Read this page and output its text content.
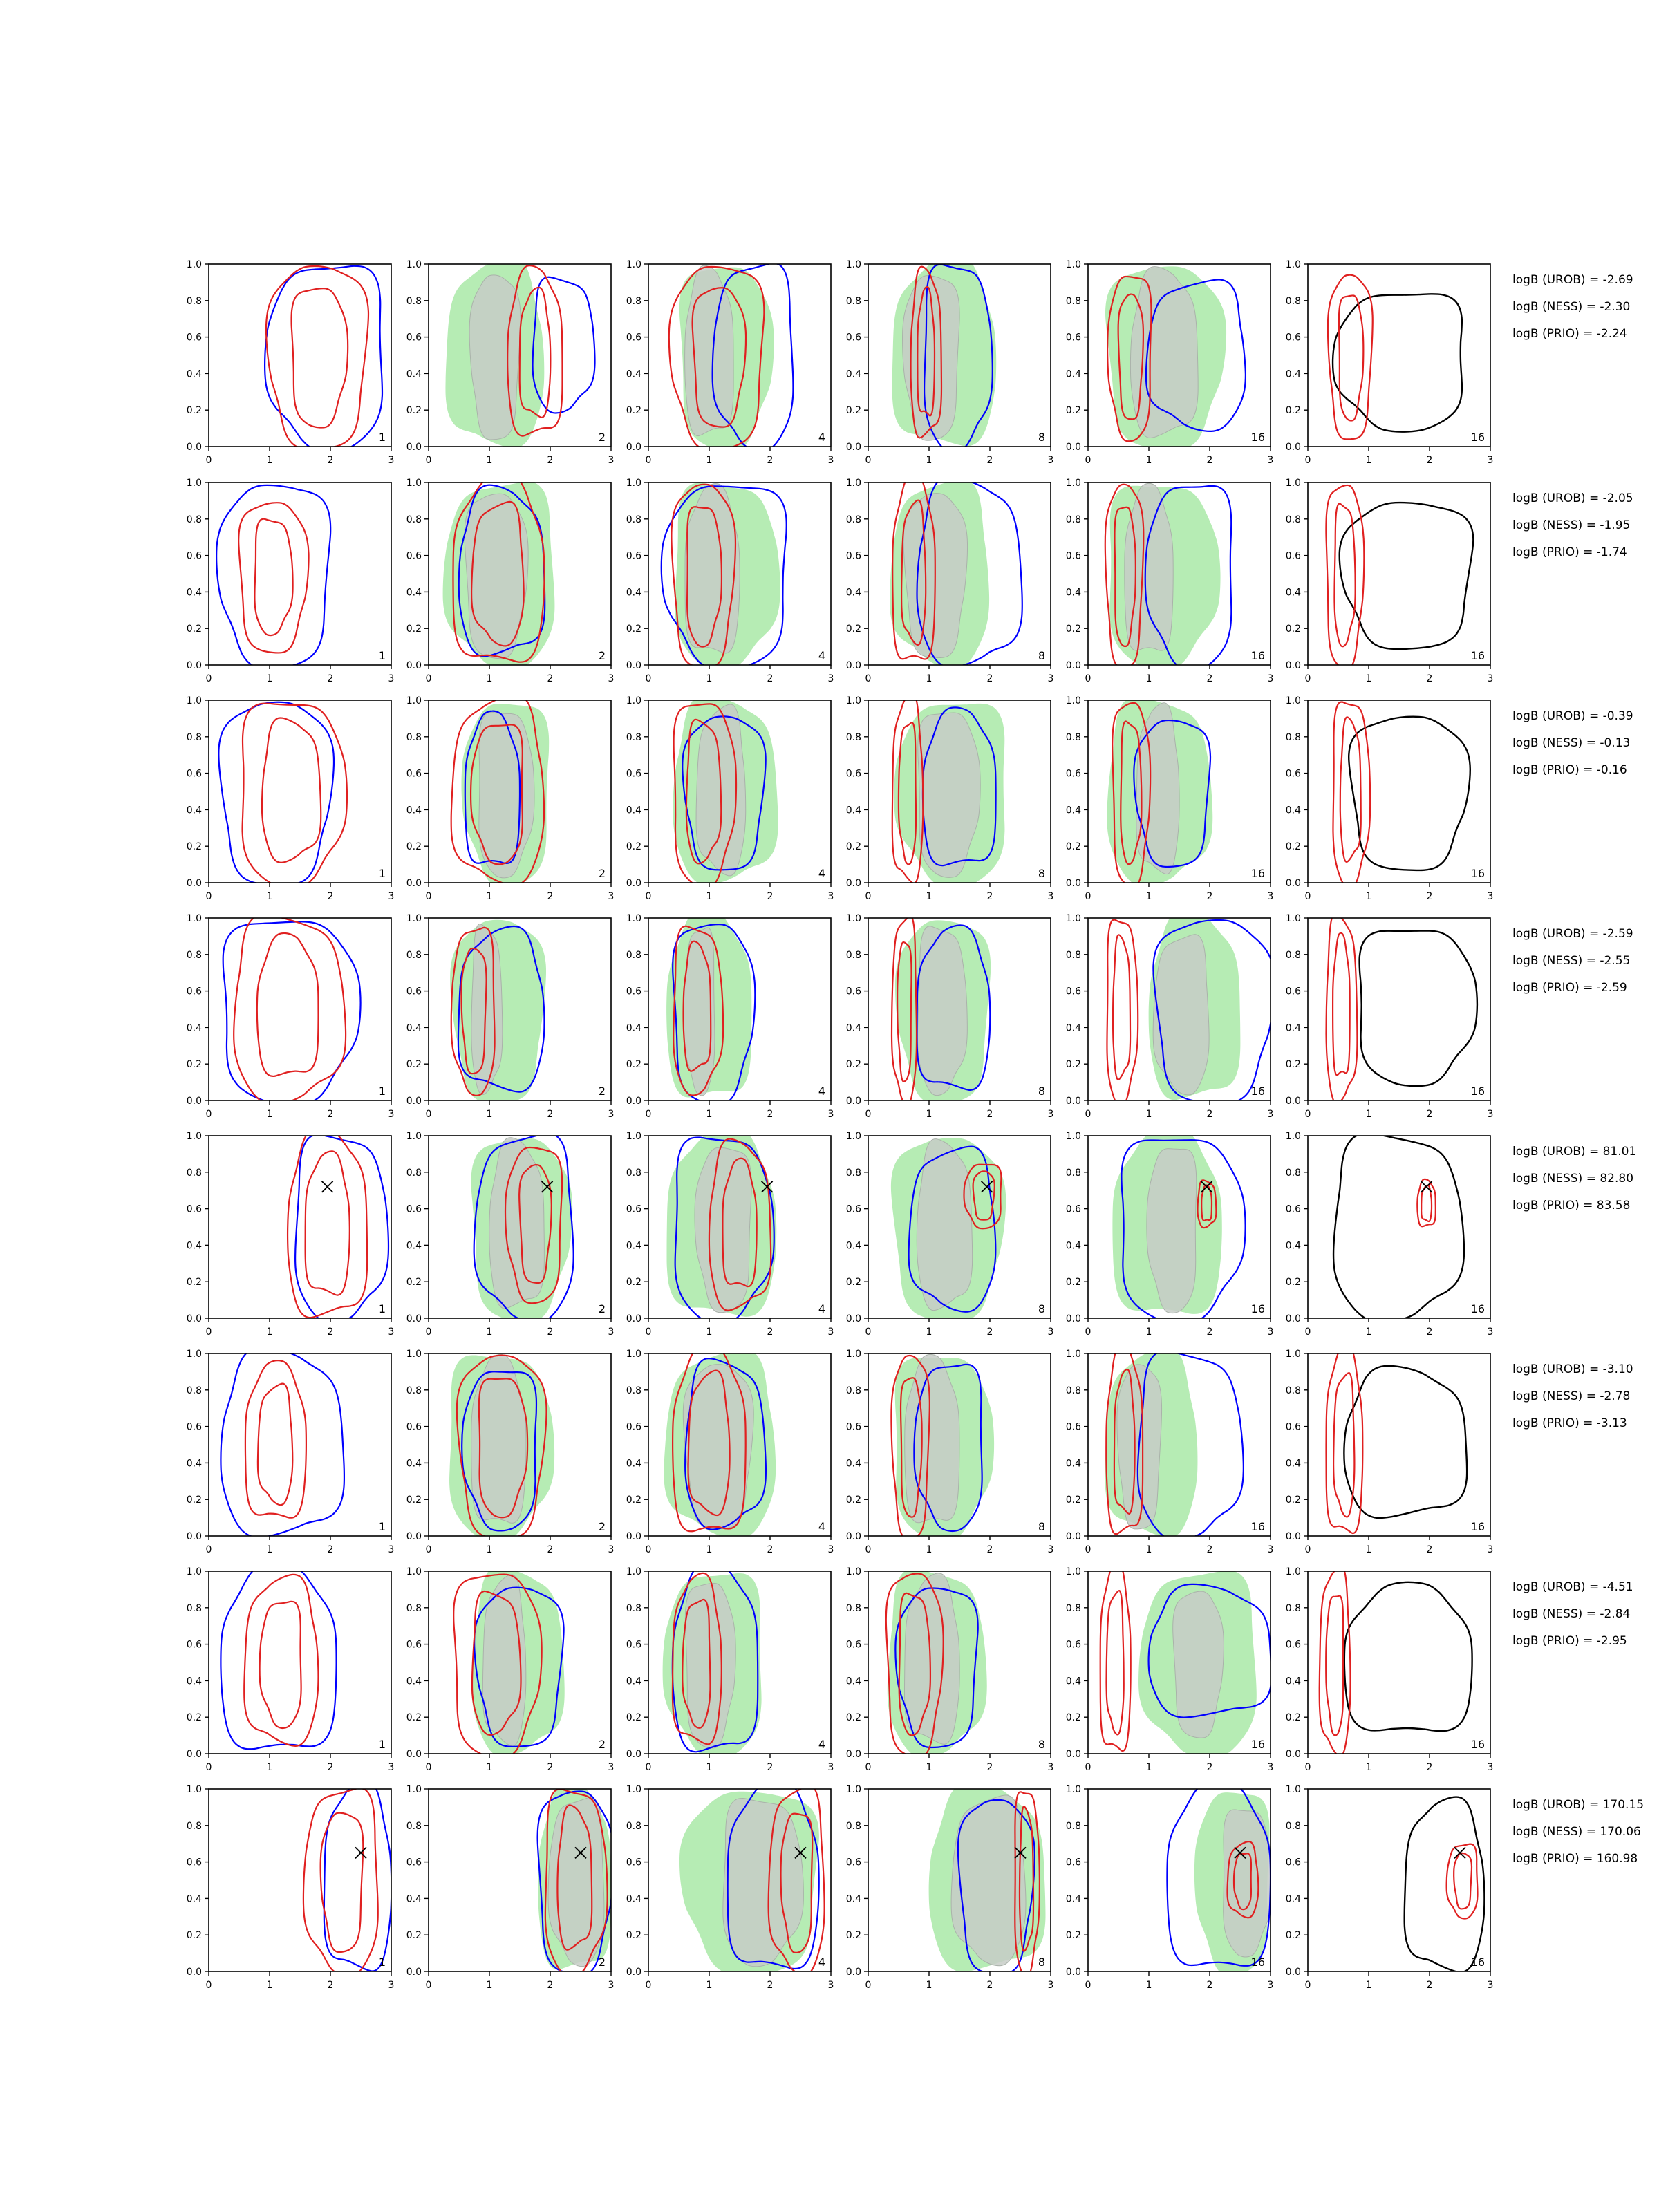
0	1	2	3
0.0
0.2
0.4
0.6
0.8
1.0
1
0	1	2	3
0.0
0.2
0.4
0.6
0.8
1.0
2
0	1	2	3
0.0
0.2
0.4
0.6
0.8
1.0
4
0	1	2	3
0.0
0.2
0.4
0.6
0.8
1.0
8
0	1	2	3
0.0
0.2
0.4
0.6
0.8
1.0
16
0	1	2	3
0.0
0.2
0.4
0.6
0.8
1.0
16
logB (UROB) = -2.69
logB (NESS) = -2.30
logB (PRIO) = -2.24
0	1	2	3
0.0
0.2
0.4
0.6
0.8
1.0
1
0	1	2	3
0.0
0.2
0.4
0.6
0.8
1.0
2
0	1	2	3
0.0
0.2
0.4
0.6
0.8
1.0
4
0	1	2	3
0.0
0.2
0.4
0.6
0.8
1.0
8
0	1	2	3
0.0
0.2
0.4
0.6
0.8
1.0
16
0	1	2	3
0.0
0.2
0.4
0.6
0.8
1.0
16
logB (UROB) = -2.05
logB (NESS) = -1.95
logB (PRIO) = -1.74
0	1	2	3
0.0
0.2
0.4
0.6
0.8
1.0
1
0	1	2	3
0.0
0.2
0.4
0.6
0.8
1.0
2
0	1	2	3
0.0
0.2
0.4
0.6
0.8
1.0
4
0	1	2	3
0.0
0.2
0.4
0.6
0.8
1.0
8
0	1	2	3
0.0
0.2
0.4
0.6
0.8
1.0
16
0	1	2	3
0.0
0.2
0.4
0.6
0.8
1.0
16
logB (UROB) = -0.39
logB (NESS) = -0.13
logB (PRIO) = -0.16
0	1	2	3
0.0
0.2
0.4
0.6
0.8
1.0
1
0	1	2	3
0.0
0.2
0.4
0.6
0.8
1.0
2
0	1	2	3
0.0
0.2
0.4
0.6
0.8
1.0
4
0	1	2	3
0.0
0.2
0.4
0.6
0.8
1.0
8
0	1	2	3
0.0
0.2
0.4
0.6
0.8
1.0
16
0	1	2	3
0.0
0.2
0.4
0.6
0.8
1.0
16
logB (UROB) = -2.59
logB (NESS) = -2.55
logB (PRIO) = -2.59
0	1	2	3
0.0
0.2
0.4
0.6
0.8
1.0
1
0	1	2	3
0.0
0.2
0.4
0.6
0.8
1.0
2
0	1	2	3
0.0
0.2
0.4
0.6
0.8
1.0
4
0	1	2	3
0.0
0.2
0.4
0.6
0.8
1.0
8
0	1	2	3
0.0
0.2
0.4
0.6
0.8
1.0
16
0	1	2	3
0.0
0.2
0.4
0.6
0.8
1.0
16
logB (UROB) = 81.01
logB (NESS) = 82.80
logB (PRIO) = 83.58
0	1	2	3
0.0
0.2
0.4
0.6
0.8
1.0
1
0	1	2	3
0.0
0.2
0.4
0.6
0.8
1.0
2
0	1	2	3
0.0
0.2
0.4
0.6
0.8
1.0
4
0	1	2	3
0.0
0.2
0.4
0.6
0.8
1.0
8
0	1	2	3
0.0
0.2
0.4
0.6
0.8
1.0
16
0	1	2	3
0.0
0.2
0.4
0.6
0.8
1.0
16
logB (UROB) = -3.10
logB (NESS) = -2.78
logB (PRIO) = -3.13
0	1	2	3
0.0
0.2
0.4
0.6
0.8
1.0
1
0	1	2	3
0.0
0.2
0.4
0.6
0.8
1.0
2
0	1	2	3
0.0
0.2
0.4
0.6
0.8
1.0
4
0	1	2	3
0.0
0.2
0.4
0.6
0.8
1.0
8
0	1	2	3
0.0
0.2
0.4
0.6
0.8
1.0
16
0	1	2	3
0.0
0.2
0.4
0.6
0.8
1.0
16
logB (UROB) = -4.51
logB (NESS) = -2.84
logB (PRIO) = -2.95
0	1	2	3
0.0
0.2
0.4
0.6
0.8
1.0
1
0	1	2	3
0.0
0.2
0.4
0.6
0.8
1.0
2
0	1	2	3
0.0
0.2
0.4
0.6
0.8
1.0
4
0	1	2	3
0.0
0.2
0.4
0.6
0.8
1.0
8
0	1	2	3
0.0
0.2
0.4
0.6
0.8
1.0
16
0	1	2	3
0.0
0.2
0.4
0.6
0.8
1.0
16
logB (UROB) = 170.15
logB (NESS) = 170.06
logB (PRIO) = 160.98
